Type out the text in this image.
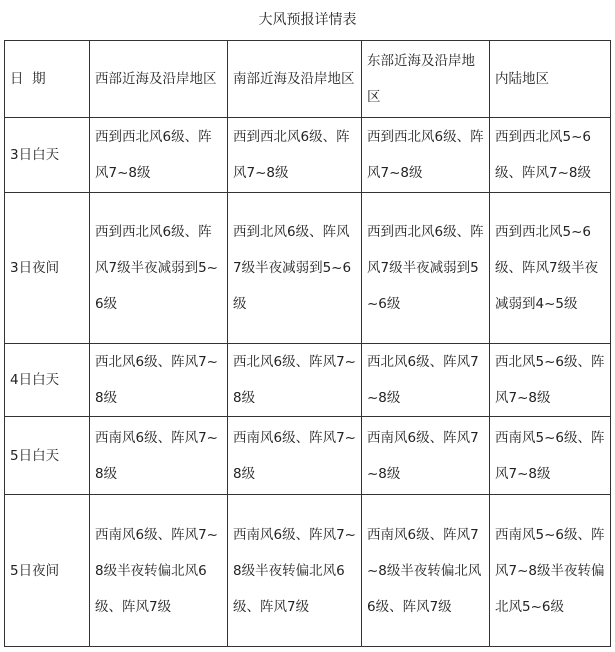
大风预报详情表
日  期	西部近海及沿岸地区	南部近海及沿岸地区	东部近海及沿岸地区	内陆地区
3日白天	西到西北风6级、阵风7~8级	西到西北风6级、阵风7~8级	西到西北风6级、阵风7~8级	西到西北风5~6级、阵风7~8级
3日夜间	西到西北风6级、阵风7级半夜减弱到5~6级	西到北风6级、阵风7级半夜减弱到5~6级	西到西北风6级、阵风7级半夜减弱到5~6级	西到西北风5~6级、阵风7级半夜减弱到4~5级
4日白天	西北风6级、阵风7~8级	西北风6级、阵风7~8级	西北风6级、阵风7~8级	西北风5~6级、阵风7~8级
5日白天	西南风6级、阵风7~8级	西南风6级、阵风7~8级	西南风6级、阵风7~8级	西南风5~6级、阵风7~8级
5日夜间	西南风6级、阵风7~8级半夜转偏北风6级、阵风7级	西南风6级、阵风7~8级半夜转偏北风6级、阵风7级	西南风6级、阵风7~8级半夜转偏北风6级、阵风7级	西南风5~6级、阵风7~8级半夜转偏北风5~6级
